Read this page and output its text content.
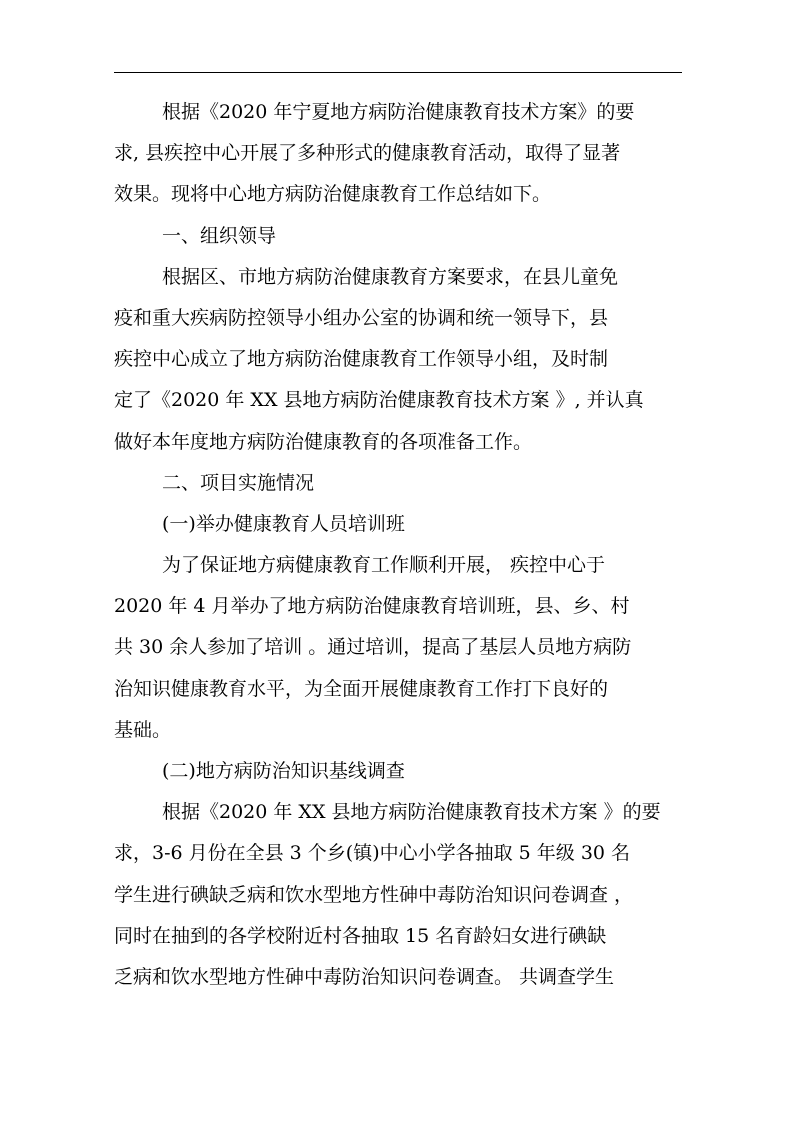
根据《2020 年宁夏地方病防治健康教育技术方案》的要
求, 县疾控中心开展了多种形式的健康教育活动，取得了显著
效果。现将中心地方病防治健康教育工作总结如下。
一、组织领导
根据区、市地方病防治健康教育方案要求，在县儿童免
疫和重大疾病防控领导小组办公室的协调和统一领导下，县
疾控中心成立了地方病防治健康教育工作领导小组，及时制
定了《2020 年 XX 县地方病防治健康教育技术方案 》, 并认真
做好本年度地方病防治健康教育的各项准备工作。
二、项目实施情况
(一)举办健康教育人员培训班
为了保证地方病健康教育工作顺利开展， 疾控中心于
2020 年 4 月举办了地方病防治健康教育培训班，县、乡、村
共 30 余人参加了培训 。通过培训，提高了基层人员地方病防
治知识健康教育水平，为全面开展健康教育工作打下良好的
基础。
(二)地方病防治知识基线调查
根据《2020 年 XX 县地方病防治健康教育技术方案 》的要
求，3-6 月份在全县 3 个乡(镇)中心小学各抽取 5 年级 30 名
学生进行碘缺乏病和饮水型地方性砷中毒防治知识问卷调查 ，
同时在抽到的各学校附近村各抽取 15 名育龄妇女进行碘缺
乏病和饮水型地方性砷中毒防治知识问卷调查。 共调查学生
